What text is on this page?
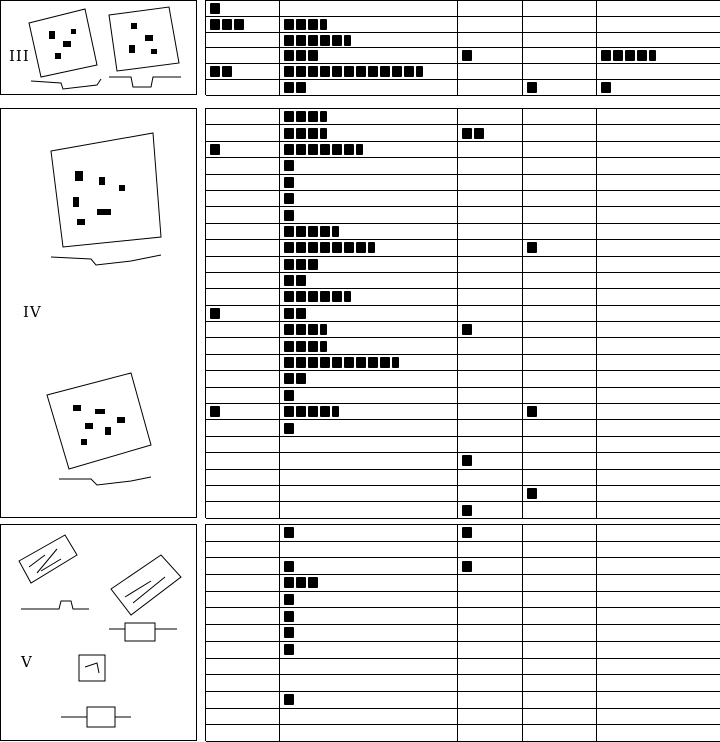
III
IV
V
